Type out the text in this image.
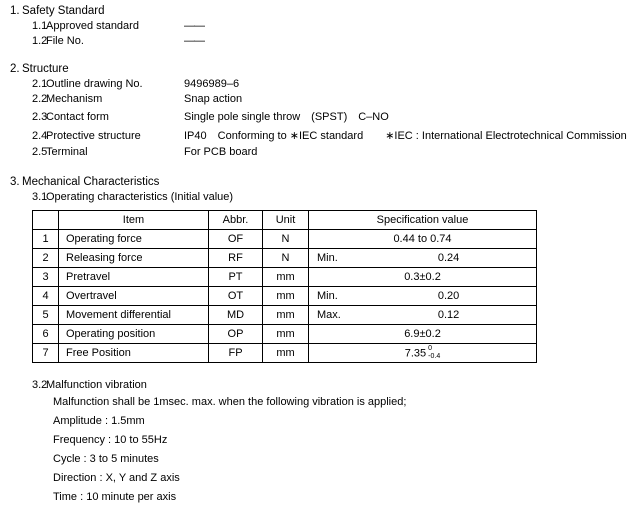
1. Safety Standard
1.1
Approved standard	——
1.2
File No.	——
2. Structure
2.1
Outline drawing No.	9496989–6
2.2
Mechanism	Snap action
2.3
Contact form	Single pole single throw　(SPST)　C–NO
2.4
Protective structure	IP40　Conforming to ∗IEC standard　　∗IEC : International Electrotechnical Commission
2.5
Terminal	For PCB board
3. Mechanical Characteristics
3.1
Operating characteristics (Initial value)
	Item	Abbr.	Unit	Specification value	
1	Operating force	OF	N	0.44 to 0.74	
2	Releasing force	RF	N	Min.	0.24
3	Pretravel	PT	mm	0.3±0.2	
4	Overtravel	OT	mm	Min.	0.20
5	Movement differential	MD	mm	Max.	0.12
6	Operating position	OP	mm	6.9±0.2	
7	Free Position	FP	mm	7.35 0
-0.4	
3.2
Malfunction vibration
Malfunction shall be 1msec. max. when the following vibration is applied;
Amplitude : 1.5mm
Frequency : 10 to 55Hz
Cycle : 3 to 5 minutes
Direction : X, Y and Z axis
Time : 10 minute per axis
